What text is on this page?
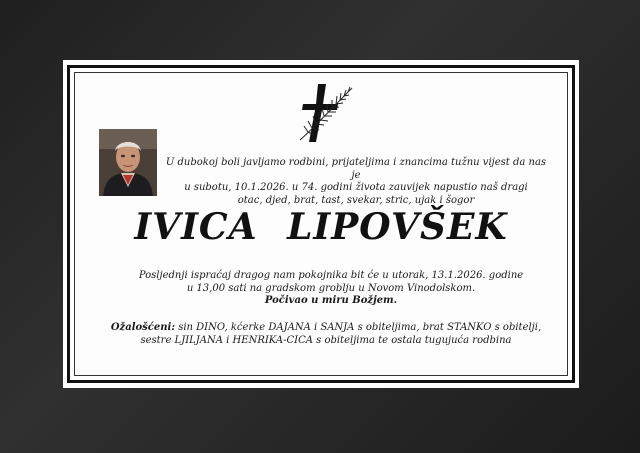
U dubokoj boli javljamo rodbini, prijateljima i znancima tužnu vijest da nas je
u subotu, 10.1.2026. u 74. godini života zauvijek napustio naš dragi
otac, djed, brat, tast, svekar, stric, ujak i šogor
IVICA LIPOVŠEK
Posljednji ispraćaj dragog nam pokojnika bit će u utorak, 13.1.2026. godine
u 13,00 sati na gradskom groblju u Novom Vinodolskom.
Počivao u miru Božjem.
Ožalošćeni: sin DINO, kćerke DAJANA i SANJA s obiteljima, brat STANKO s obitelji,
sestre LJILJANA i HENRIKA-CICA s obiteljima te ostala tugujuća rodbina
